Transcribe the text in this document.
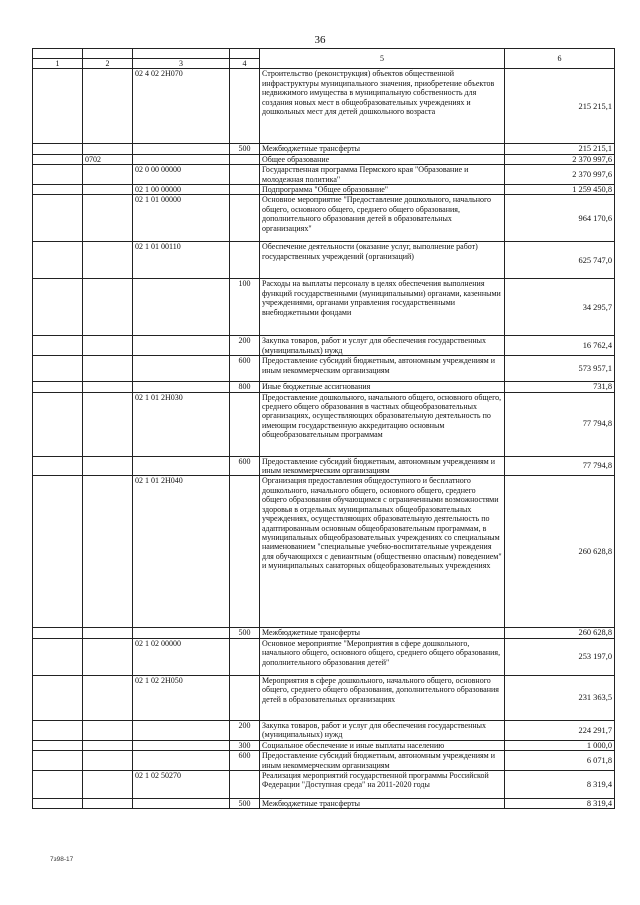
36
				5	6
1	2	3	4		
		02 4 02 2Н070		Строительство (реконструкция) объектов общественной инфраструктуры муниципального значения, приобретение объектов недвижимого имущества в муниципальную собственность для создания новых мест в общеобразовательных учреждениях и дошкольных мест для детей дошкольного возраста	215 215,1
			500	Межбюджетные трансферты	215 215,1
	0702			Общее образование	2 370 997,6
		02 0 00 00000		Государственная программа Пермского края "Образование и молодежная политика"	2 370 997,6
		02 1 00 00000		Подпрограмма "Общее образование"	1 259 450,8
		02 1 01 00000		Основное мероприятие "Предоставление дошкольного, начального общего, основного общего, среднего общего образования, дополнительного образования детей в образовательных организациях"	964 170,6
		02 1 01 00110		Обеспечение деятельности (оказание услуг, выполнение работ) государственных учреждений (организаций)	625 747,0
			100	Расходы на выплаты персоналу в целях обеспечения выполнения функций государственными (муниципальными) органами, казенными учреждениями, органами управления государственными внебюджетными фондами	34 295,7
			200	Закупка товаров, работ и услуг для обеспечения государственных (муниципальных) нужд	16 762,4
			600	Предоставление субсидий бюджетным, автономным учреждениям и иным некоммерческим организациям	573 957,1
			800	Иные бюджетные ассигнования	731,8
		02 1 01 2Н030		Предоставление дошкольного, начального общего, основного общего, среднего общего образования в частных общеобразовательных организациях, осуществляющих образовательную деятельность по имеющим государственную аккредитацию основным общеобразовательным программам	77 794,8
			600	Предоставление субсидий бюджетным, автономным учреждениям и иным некоммерческим организациям	77 794,8
		02 1 01 2Н040		Организация предоставления общедоступного и бесплатного дошкольного, начального общего, основного общего, среднего общего образования обучающимся с ограниченными возможностями здоровья в отдельных муниципальных общеобразовательных учреждениях, осуществляющих образовательную деятельность по адаптированным основным общеобразовательным программам, в муниципальных общеобразовательных учреждениях со специальным наименованием "специальные учебно-воспитательные учреждения для обучающихся с девиантным (общественно опасным) поведением" и муниципальных санаторных общеобразовательных учреждениях	260 628,8
			500	Межбюджетные трансферты	260 628,8
		02 1 02 00000		Основное мероприятие "Мероприятия в сфере дошкольного, начального общего, основного общего, среднего общего образования, дополнительного образования детей"	253 197,0
		02 1 02 2Н050		Мероприятия в сфере дошкольного, начального общего, основного общего, среднего общего образования, дополнительного образования детей в образовательных организациях	231 363,5
			200	Закупка товаров, работ и услуг для обеспечения государственных (муниципальных) нужд	224 291,7
			300	Социальное обеспечение и иные выплаты населению	1 000,0
			600	Предоставление субсидий бюджетным, автономным учреждениям и иным некоммерческим организациям	6 071,8
		02 1 02 50270		Реализация мероприятий государственной программы Российской Федерации "Доступная среда" на 2011-2020 годы	8 319,4
			500	Межбюджетные трансферты	8 319,4
7з98-17
